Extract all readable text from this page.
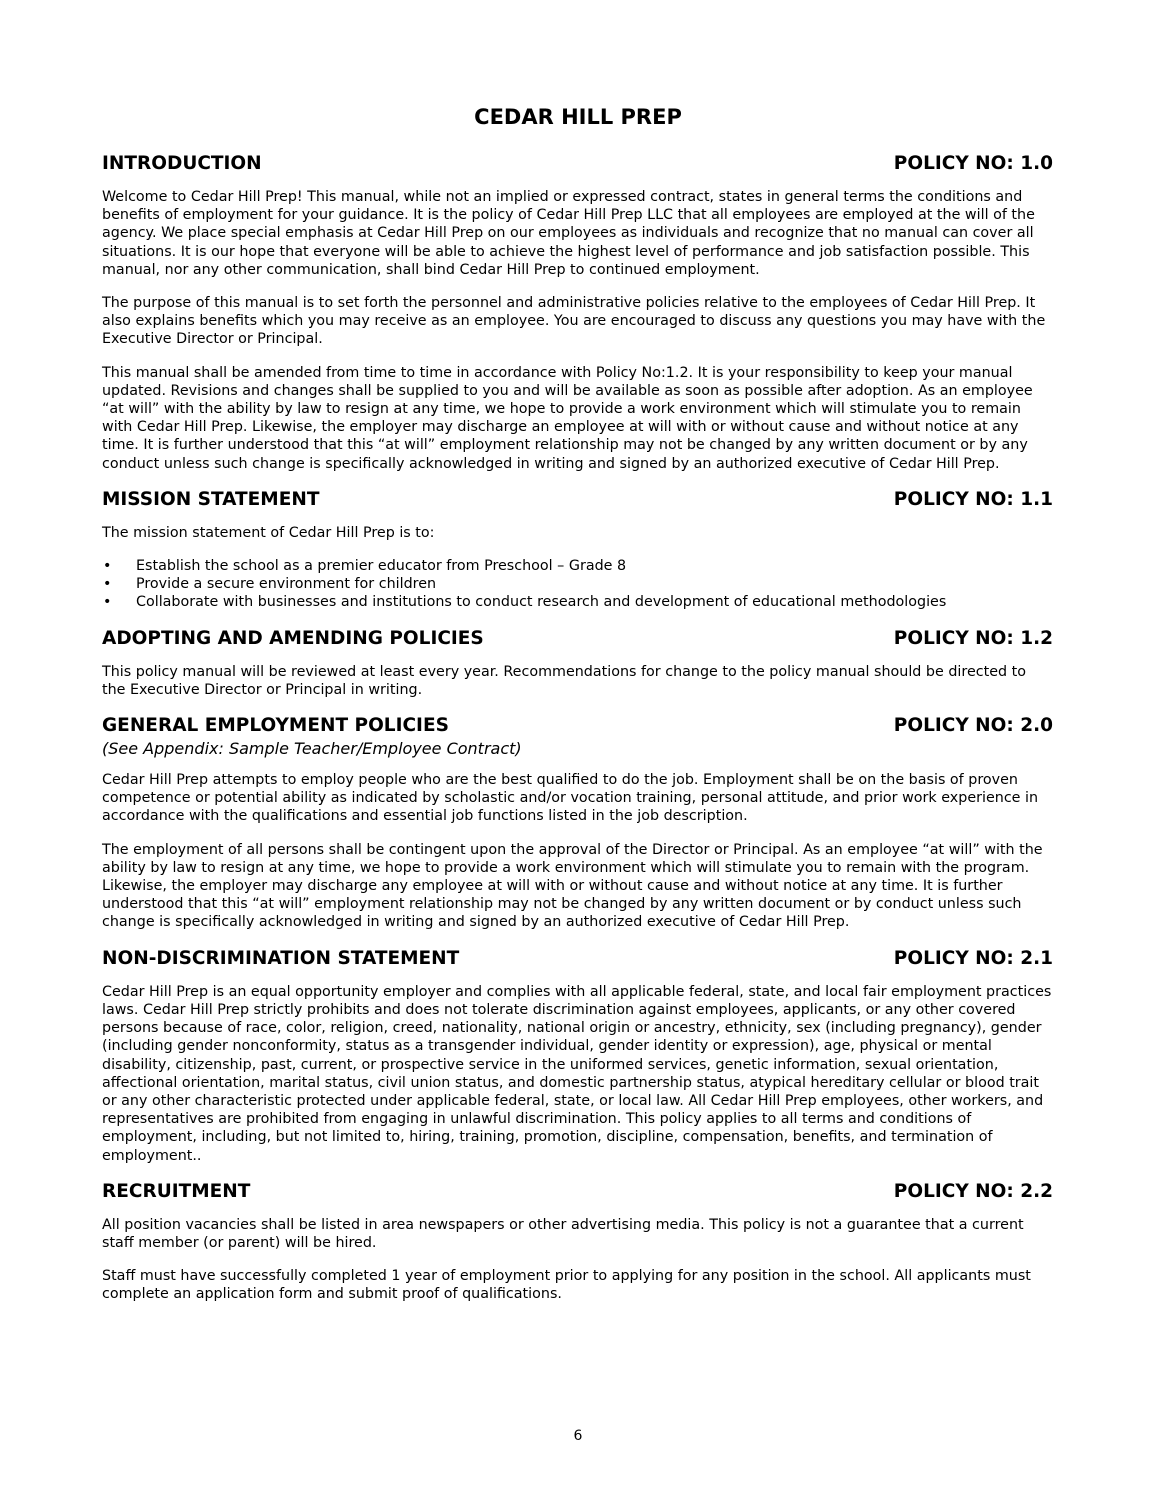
CEDAR HILL PREP
INTRODUCTION	POLICY NO: 1.0

Welcome to Cedar Hill Prep! This manual, while not an implied or expressed contract, states in general terms the conditions and benefits of employment for your guidance. It is the policy of Cedar Hill Prep LLC that all employees are employed at the will of the agency. We place special emphasis at Cedar Hill Prep on our employees as individuals and recognize that no manual can cover all situations. It is our hope that everyone will be able to achieve the highest level of performance and job satisfaction possible. This manual, nor any other communication, shall bind Cedar Hill Prep to continued employment.

The purpose of this manual is to set forth the personnel and administrative policies relative to the employees of Cedar Hill Prep. It also explains benefits which you may receive as an employee. You are encouraged to discuss any questions you may have with the Executive Director or Principal.

This manual shall be amended from time to time in accordance with Policy No:1.2. It is your responsibility to keep your manual updated. Revisions and changes shall be supplied to you and will be available as soon as possible after adoption. As an employee “at will” with the ability by law to resign at any time, we hope to provide a work environment which will stimulate you to remain with Cedar Hill Prep. Likewise, the employer may discharge an employee at will with or without cause and without notice at any time. It is further understood that this “at will” employment relationship may not be changed by any written document or by any conduct unless such change is specifically acknowledged in writing and signed by an authorized executive of Cedar Hill Prep.

MISSION STATEMENT	POLICY NO: 1.1

The mission statement of Cedar Hill Prep is to:

• Establish the school as a premier educator from Preschool – Grade 8
• Provide a secure environment for children
• Collaborate with businesses and institutions to conduct research and development of educational methodologies
ADOPTING AND AMENDING POLICIES	POLICY NO: 1.2

This policy manual will be reviewed at least every year. Recommendations for change to the policy manual should be directed to the Executive Director or Principal in writing.

GENERAL EMPLOYMENT POLICIES	POLICY NO: 2.0
(See Appendix: Sample Teacher/Employee Contract)

Cedar Hill Prep attempts to employ people who are the best qualified to do the job. Employment shall be on the basis of proven competence or potential ability as indicated by scholastic and/or vocation training, personal attitude, and prior work experience in accordance with the qualifications and essential job functions listed in the job description.

The employment of all persons shall be contingent upon the approval of the Director or Principal. As an employee “at will” with the ability by law to resign at any time, we hope to provide a work environment which will stimulate you to remain with the program. Likewise, the employer may discharge any employee at will with or without cause and without notice at any time. It is further understood that this “at will” employment relationship may not be changed by any written document or by conduct unless such change is specifically acknowledged in writing and signed by an authorized executive of Cedar Hill Prep.

NON-DISCRIMINATION STATEMENT	POLICY NO: 2.1

Cedar Hill Prep is an equal opportunity employer and complies with all applicable federal, state, and local fair employment practices laws. Cedar Hill Prep strictly prohibits and does not tolerate discrimination against employees, applicants, or any other covered persons because of race, color, religion, creed, nationality, national origin or ancestry, ethnicity, sex (including pregnancy), gender (including gender nonconformity, status as a transgender individual, gender identity or expression), age, physical or mental disability, citizenship, past, current, or prospective service in the uniformed services, genetic information, sexual orientation, affectional orientation, marital status, civil union status, and domestic partnership status, atypical hereditary cellular or blood trait or any other characteristic protected under applicable federal, state, or local law. All Cedar Hill Prep employees, other workers, and representatives are prohibited from engaging in unlawful discrimination. This policy applies to all terms and conditions of employment, including, but not limited to, hiring, training, promotion, discipline, compensation, benefits, and termination of employment..

RECRUITMENT	POLICY NO: 2.2

All position vacancies shall be listed in area newspapers or other advertising media. This policy is not a guarantee that a current staff member (or parent) will be hired.

Staff must have successfully completed 1 year of employment prior to applying for any position in the school. All applicants must complete an application form and submit proof of qualifications.

6
